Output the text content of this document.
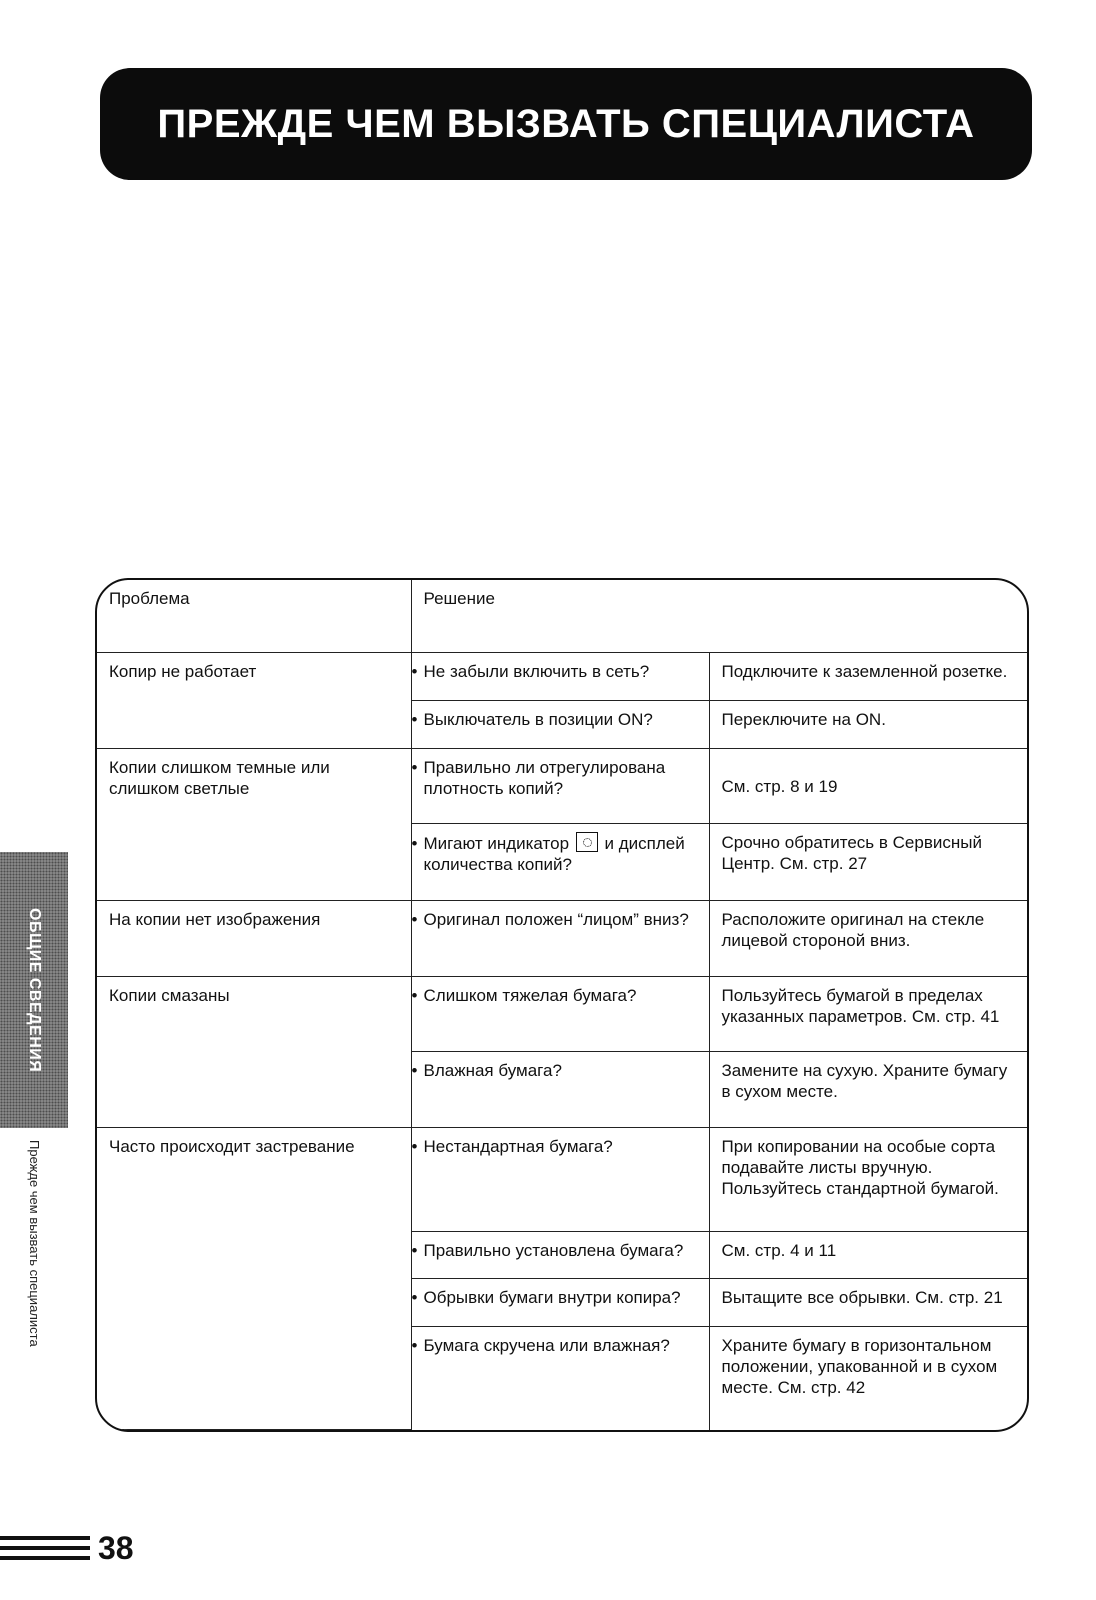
ПРЕЖДЕ ЧЕМ ВЫЗВАТЬ СПЕЦИАЛИСТА
Проблема	Решение	
Копир не работает	• Не забыли включить в сеть?	Подключите к заземленной розетке.
	• Выключатель в позиции ON?	Переключите на ON.
Копии слишком темные или слишком светлые	• Правильно ли отрегулирована плотность копий?	См. стр. 8 и 19
	• Мигают индикатор и дисплей количества копий?	Срочно обратитесь в Сервисный Центр. См. стр. 27
На копии нет изображения	• Оригинал положен “лицом” вниз?	Расположите оригинал на стекле лицевой стороной вниз.
Копии смазаны	• Слишком тяжелая бумага?	Пользуйтесь бумагой в пределах указанных параметров. См. стр. 41
	• Влажная бумага?	Замените на сухую. Храните бумагу в сухом месте.
Часто происходит застревание	• Нестандартная бумага?	При копировании на особые сорта подавайте листы вручную. Пользуйтесь стандартной бумагой.
	• Правильно установлена бумага?	См. стр. 4 и 11
	• Обрывки бумаги внутри копира?	Вытащите все обрывки. См. стр. 21
	• Бумага скручена или влажная?	Храните бумагу в горизонтальном положении, упакованной и в сухом месте. См. стр. 42
ОБЩИЕ СВЕДЕНИЯ
Прежде чем вызвать специалиста
38
